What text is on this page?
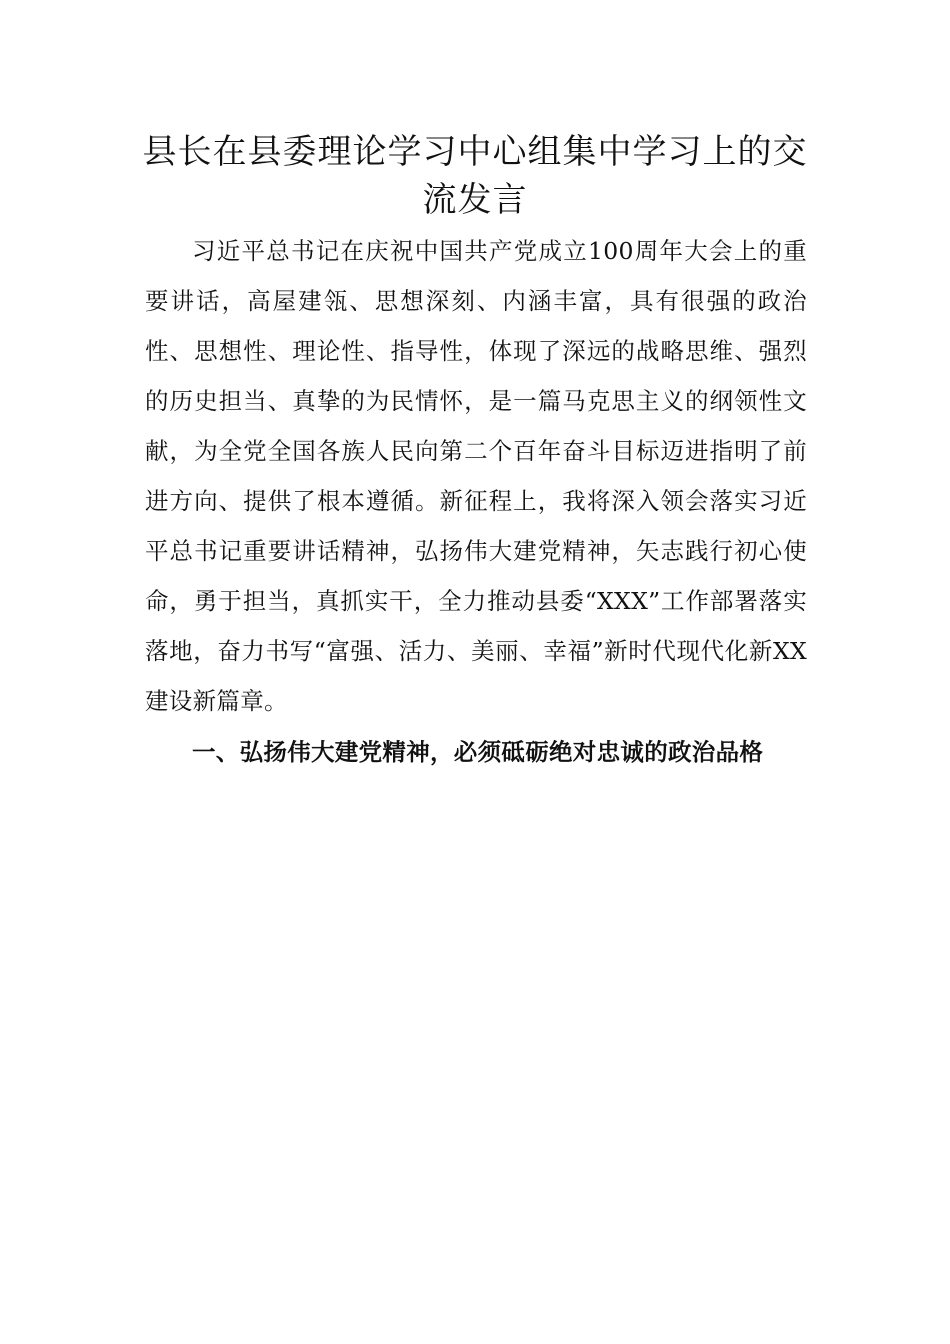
县长在县委理论学习中心组集中学习上的交流发言

习近平总书记在庆祝中国共产党成立100周年大会上的重要讲话，高屋建瓴、思想深刻、内涵丰富，具有很强的政治性、思想性、理论性、指导性，体现了深远的战略思维、强烈的历史担当、真挚的为民情怀，是一篇马克思主义的纲领性文献，为全党全国各族人民向第二个百年奋斗目标迈进指明了前进方向、提供了根本遵循。新征程上，我将深入领会落实习近平总书记重要讲话精神，弘扬伟大建党精神，矢志践行初心使命，勇于担当，真抓实干，全力推动县委“XXX”工作部署落实落地，奋力书写“富强、活力、美丽、幸福”新时代现代化新XX建设新篇章。

一、弘扬伟大建党精神，必须砥砺绝对忠诚的政治品格
